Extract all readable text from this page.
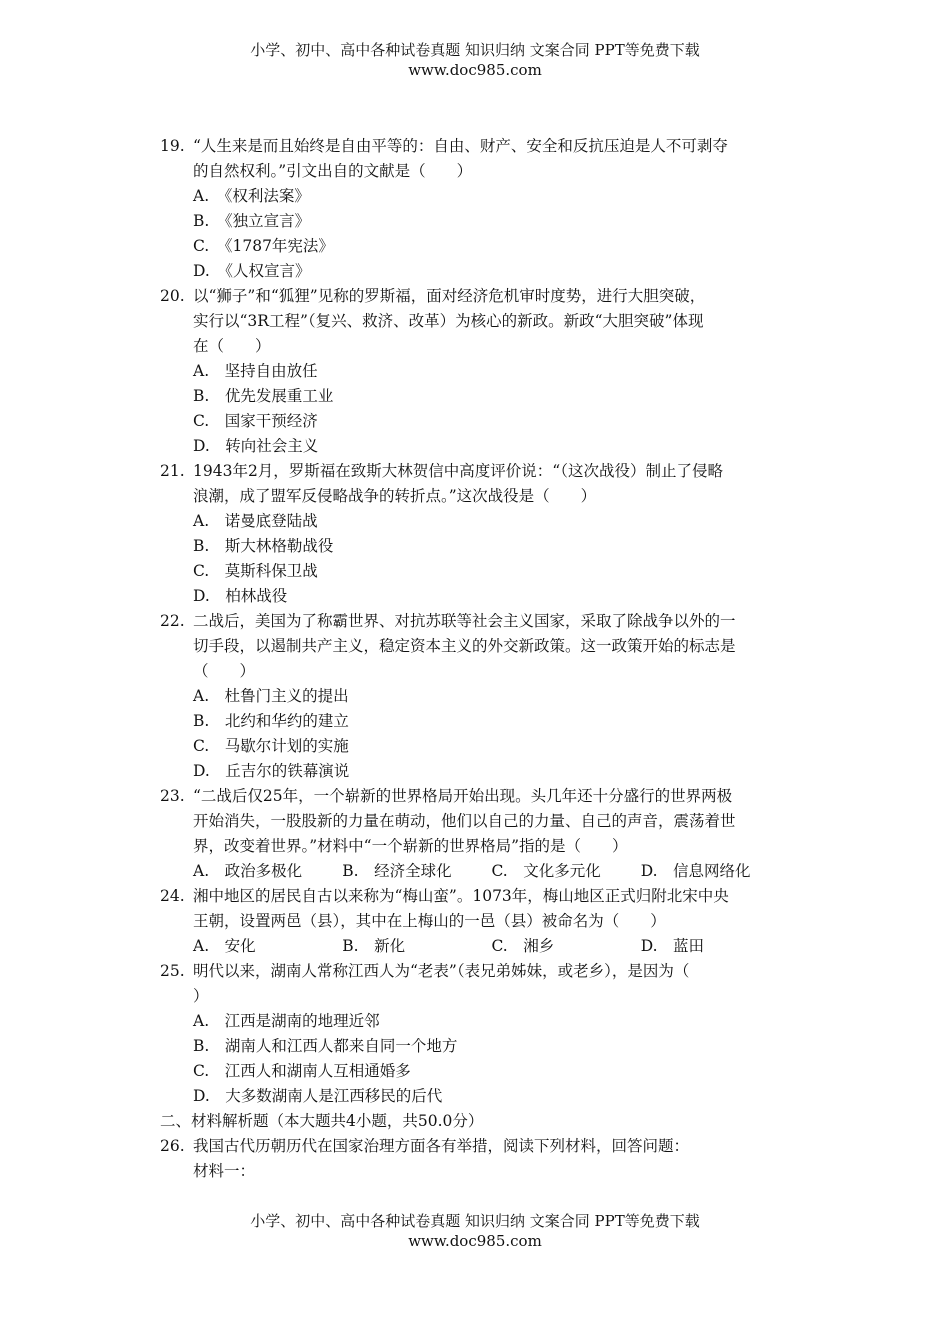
小学、初中、高中各种试卷真题 知识归纳 文案合同 PPT等免费下载
www.doc985.com
19. “人生来是而且始终是自由平等的：自由、财产、安全和反抗压迫是人不可剥夺
的自然权利。”引文出自的文献是（　　）
A.　《权利法案》
B.　《独立宣言》
C.　《1787年宪法》
D.　《人权宣言》
20. 以“狮子”和“狐狸”见称的罗斯福，面对经济危机审时度势，进行大胆突破，
实行以“3R工程”（复兴、救济、改革）为核心的新政。新政“大胆突破”体现
在（　　）
A.　坚持自由放任
B.　优先发展重工业
C.　国家干预经济
D.　转向社会主义
21. 1943年2月，罗斯福在致斯大林贺信中高度评价说：“（这次战役）制止了侵略
浪潮，成了盟军反侵略战争的转折点。”这次战役是（　　）
A.　诺曼底登陆战
B.　斯大林格勒战役
C.　莫斯科保卫战
D.　柏林战役
22. 二战后，美国为了称霸世界、对抗苏联等社会主义国家，采取了除战争以外的一
切手段，以遏制共产主义，稳定资本主义的外交新政策。这一政策开始的标志是
（　　）
A.　杜鲁门主义的提出
B.　北约和华约的建立
C.　马歇尔计划的实施
D.　丘吉尔的铁幕演说
23. “二战后仅25年，一个崭新的世界格局开始出现。头几年还十分盛行的世界两极
开始消失，一股股新的力量在萌动，他们以自己的力量、自己的声音，震荡着世
界，改变着世界。”材料中“一个崭新的世界格局”指的是（　　）
A.　政治多极化	B.　经济全球化	C.　文化多元化	D.　信息网络化
24. 湘中地区的居民自古以来称为“梅山蛮”。1073年，梅山地区正式归附北宋中央
王朝，设置两邑（县），其中在上梅山的一邑（县）被命名为（　　）
A.　安化	B.　新化	C.　湘乡	D.　蓝田
25. 明代以来，湖南人常称江西人为“老表”（表兄弟姊妹，或老乡），是因为（
）
A.　江西是湖南的地理近邻
B.　湖南人和江西人都来自同一个地方
C.　江西人和湖南人互相通婚多
D.　大多数湖南人是江西移民的后代
二、材料解析题（本大题共4小题，共50.0分）
26. 我国古代历朝历代在国家治理方面各有举措，阅读下列材料，回答问题：
材料一：
小学、初中、高中各种试卷真题 知识归纳 文案合同 PPT等免费下载
www.doc985.com
